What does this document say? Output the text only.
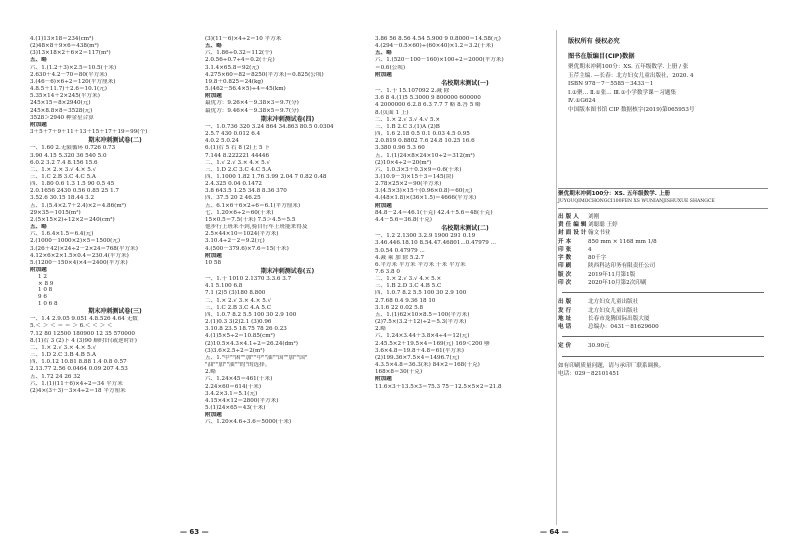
4.(1)13×18＝234(cm²)
(2)48×8＋9×6＝438(m²)
(3)13×18×2＋6×2＝117(m²)
五、略
六、1.(1.2＋3)×2.5＝10.5(千米)
2.630＋4.2－70＝80(平方米)
3.(46－6)×6÷2＝120(平方厘米)
4.8.5＋11.7)＋2.6＝10.1(元)
5.35×14＋2×245(平方米)
245×15＝8×2940(元)
245×8.8×8＝3528(元)
3528＞2940 种金星合算
附加题
3＋5＋7＋9＋11＋13＋15＋17＋19＝99(个)
期末冲刺测试卷(二)
一、1.60 2.无限循环 0.726 0.73
3.90 4.15 5.320 36 540 5.0
6.0.2 3.2 7.4 8.156 15.6
二、1.× 2.× 3.√ 4.× 5.√
三、1.C 2.B 3.C 4.C 5.A
四、1.80 0.6 1.3 1.5 90 0.5 45
2.0.1656 2430 0.56 0.85 25 1.7
3.52.6 30.15 18.44 3.2
五、1.(5.4×2.7＋2.4)×2＝4.86(m²)
29×35＝1015(m²)
2.(5×15×2)÷12×2＝240(cm²)
五、略
六、1.6.4×1.5＝6.4(元)
2.(1000－1000×2)×5＝1500(元)
3.(26＋42)×24÷2－2×24＝768(平方米)
4.12×6×2×1.5×0.4＝230.4(平方米)
5.(1200－150×4)×4＝2400(平方米)
附加题
1 2
× 8 9
1 0 8
9 6
1 0 6 8
期末冲刺测试卷(三)
一、1.4 2.9.05 9.051 4.8.526 4.64 无数
5.＜ ＞ ＜ ＝ ＝ ＞ 6.＜ ＜ ＞ ＜
7.12 80 12500 180900 12 35 570000
8.(1)右 3 (2)下 4 (3)90 顺时针(或逆时针)
二、1.× 2.√ 3.× 4.× 5.√
三、1.D 2.C 3.B 4.B 5.A
四、1.0.12 10.81 8.88 1.4 0.8 0.57
2.13.77 2.56 0.0464 0.09 207 4.53
五、1.72 24 26 32
六、1.(1)(11＋6)×4÷2＝34 平方米
(2)4×(3＋3)－3×4÷2＝18 平方厘米
(3)(11－6)×4÷2＝10 平方米
五、略
六、1.86÷0.32＝112(个)
2.0.56÷0.7÷4＝0.2(千克)
3.1.4×65.8＝92(元)
4.275×60＝82＝8250(平方米)＝0.825(公顷)
19.8＋0.825＝24(kg)
5.(462－56.4×5)÷4＝45(km)
附加题
最优方：9.26×4－9.38×3＝9.7(分)
最优方：9.46×4－9.38×5＝9.7(分)
期末冲刺测试卷(四)
一、1.0.736 320 3.24 864 34.863 80.5 0.0304
2.5.7 430 0.012 6.4
4.0.2 5.0.24
6.(1)右 5 右 8 (2)上 5 下
7.144 8.222221 44446
二、1.√ 2.√ 3.× 4.× 5.√
三、1.D 2.C 3.C 4.C 5.A
四、1.1000 1.82 1.76 3.99 2.04 7 0.82 0.48
2.4.325 0.04 0.1472
3.8 643.5 1.25 34.8 8.36 370
四、37.5 20 2 46.25
五、6.1×6＋6×2÷6＝6.1(平方厘米)
七、1.20×6÷2＝60(千米)
15×0.5＝7.5(千米) 7.5＞4.5＝5.5
他步行上班米不到,骑自行车上班能来得及
2.5×44×10＝1024(平方米)
3.10.4÷2－2＝9.2(元)
4.(500－379.6)×7.6＝15(千米)
附加题
10 58
期末冲刺测试卷(五)
一、1.千 1010 2.1370 3.3.6 3.7
4.1 5.100 6.8
7.1 (2)5 (3)180 8.800
二、1.× 2.√ 3.× 4.× 5.√
三、1.C 2.B 3.C 4.A 5.C
四、1.0.7 8.2 5.5 100 30 2.9 100
2.(1)0.3 3(2)2.1 (3)0.96
3.10.8 23.5 18.75 78 26 0.23
4.(1)5×5÷2＝10.85(cm²)
(2)10.5×4.3×4.1÷2＝26.24(dm²)
(3)3.6×2.5÷2＝2(m²)
五、1."中""困""加""中""油""国""加""国"
"油""加""油""的"的选择。
2.略
六、1.24×45＝461(千米)
2.24×60＝614(千米)
3.4.2×3.1＝5.1(元)
4.15×4×12＝2800(平方米)
5.(1)24×65＝43(千米)
附加题
六、1.20×4.6÷3.6＝5000(千米)
3.86 56 8.56 4.54 5.900 9 0.8000＝14.58(元)
4.(294－0.5×60)÷(60×40)×1.2＝3.2(千米)
五、略
六、1.(520－100－160)×100÷2＝2000(平方米)
＝0.6(公顷)
附加题
名校期末测试(一)
一、1.十 15.107092 2.减 除
3.6 8 4.(1)5 5.3000 9 800000 600000
4 2000000 6.2.8 6.3 7.7 7 略 8.答 5 略
8.(页面 1 上)
二、1.× 2.√ 3.√ 4.√ 5.×
三、1.B 2.C 3.(1)A (2)B
四、1.6 2.18 0.5 0.1 0.03 4.5 0.95
2.0.819 0.8802 7.6 24.8 10.25 16.6
3.380 0.96 5.3 60
五、1.(1)24×8×24×10÷2＝312(m²)
(2)10×4÷2＝20(m²)
六、1.0.3×3＋0.3×9＝0.6(千米)
3.(10.9－3)×15＋3＝145(块)
2.78×25×2＝90(平方米)
3.(4.5×3)×15＋(0.96×0.8)＝60(元)
4.(48×1.8)×(36×1.5)＝4666(平方米)
附加题
84.8－2.4＝46.1(千克) 42.4＋5.6＝48(千克)
4.4－5.6＝36.8(千克)
名校期末测试(二)
一、1.2 2.1300 3.2.9 1900 291 0.19
3.46.446.18.10 8.54.47.46801...0.47979 ...
5.0.54 0.47979 ...
4.减 乘 加 除 5.2.7
6.平方米 平方米 平方米 千米 平方米
7.6 3.8 0
二、1.× 2.√ 3.√ 4.× 5.×
三、1.B 2.D 3.C 4.B 5.C
四、1.0.7 8.2 5.5 100 30 2.9 100
2.7.68 0.4 9.36 18 10
3.1.6 22 0.02 5.8
五、1.(1)62×10×8.5＝100(平方米)
(2)7.5×(3.2＋12)÷2＝5.3(平方米)
2.略
六、1.24×3.44＋3.8×4÷4＝12(元)
2.45.5×2＋19.5×4＝169(元) 169＜200 够
3.6×4.8＝19.8＋4.8＝61(平方米)
(2)199.36×7.5×4＝1496.7(元)
4.3.5×4.8＝36.3(米) 84×2＝168(千克)
168×8＝30(千克)
附加题
11.6×3＋13.5×3＝75.3 75－12.5×5×2＝21.8
版权所有 侵权必究
图书在版编目(CIP)数据
聚优期末冲刺100分：XS. 五年级数学. 上册 / 张
玉芹主编. —长春：北方妇女儿童出版社，2020. 4
ISBN 978－7－5585－3433－1
Ⅰ.①聚… Ⅱ.①张… Ⅲ.①小学数学课－习题集
Ⅳ.①G624
中国版本图书馆 CIP 数据核字(2019)第065953号
聚优期末冲刺100分：XS. 五年级数学. 上册
JUYOUQIMOCHONGCI100FEN XS WUNIANJISHUXUE SHANGCE
出版人	刘刚
责任编辑 刘聪聪 王婷
封面设计 翰文书业
开本	850 mm × 1168 mm 1/8
印张	4
字数	80千字
印刷	陕西科达印务有限责任公司
版次	2019年11月第1版
印次	2020年10月第2次印刷
出版	北方妇女儿童出版社
发行	北方妇女儿童出版社
地址	长春市龙腾国际出版大厦
电话	总编办：0431－81629600
定价	30.90元
如有印刷质量问题，请与承印厂联系调换。
电话：029－82101451
— 63 —	— 64 —
